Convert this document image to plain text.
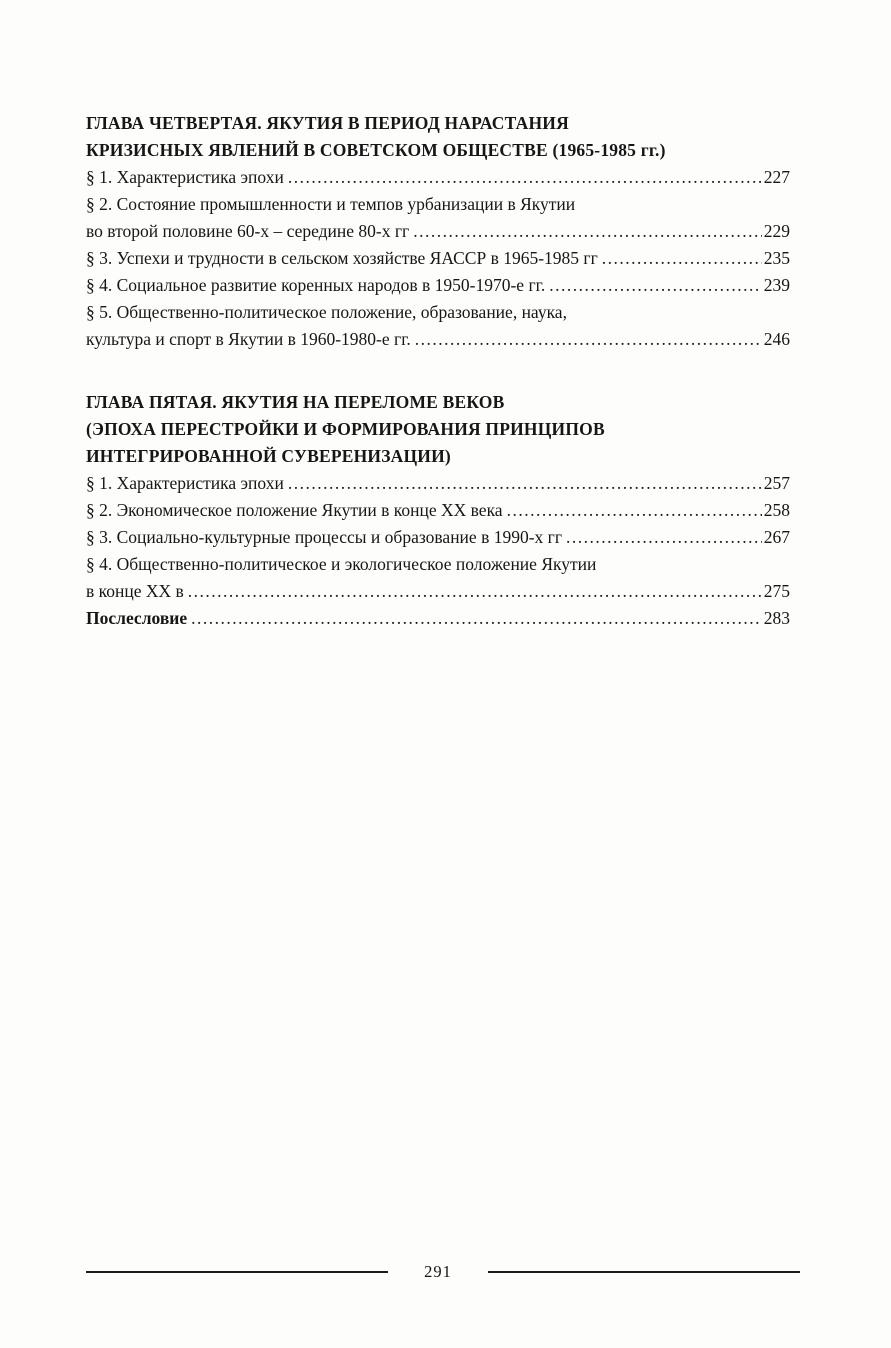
ГЛАВА ЧЕТВЕРТАЯ. ЯКУТИЯ В ПЕРИОД НАРАСТАНИЯ
КРИЗИСНЫХ ЯВЛЕНИЙ В СОВЕТСКОМ ОБЩЕСТВЕ (1965-1985 гг.)
§ 1. Характеристика эпохи .....	227
§ 2. Состояние промышленности и темпов урбанизации в Якутии
во второй половине 60-х – середине 80-х гг .....	229
§ 3. Успехи и трудности в сельском хозяйстве ЯАССР в 1965-1985 гг .....	235
§ 4. Социальное развитие коренных народов в 1950-1970-е гг. .....	239
§ 5. Общественно-политическое положение, образование, наука,
культура и спорт в Якутии в 1960-1980-е гг. .....	246
ГЛАВА ПЯТАЯ. ЯКУТИЯ НА ПЕРЕЛОМЕ ВЕКОВ
(ЭПОХА ПЕРЕСТРОЙКИ И ФОРМИРОВАНИЯ ПРИНЦИПОВ
ИНТЕГРИРОВАННОЙ СУВЕРЕНИЗАЦИИ)
§ 1. Характеристика эпохи .....	257
§ 2. Экономическое положение Якутии в конце XX века .....	258
§ 3. Социально-культурные процессы и образование в 1990-х гг .....	267
§ 4. Общественно-политическое и экологическое положение Якутии
в конце XX в .....	275
Послесловие .....	283
291
